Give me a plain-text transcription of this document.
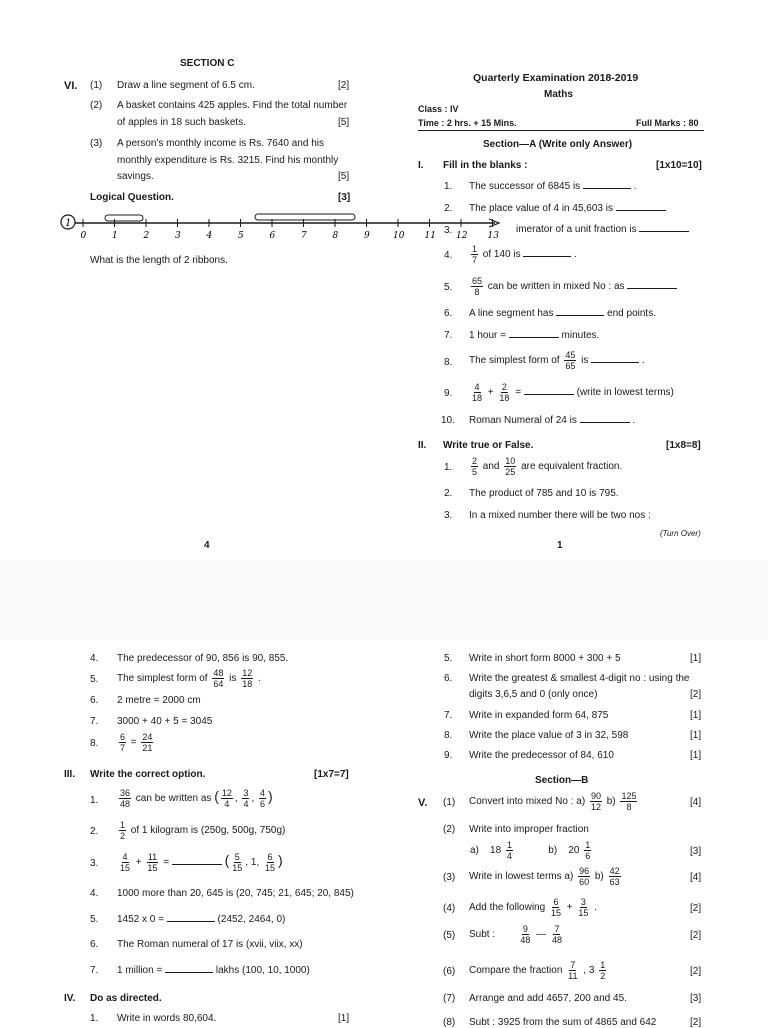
SECTION C
VI. (1) Draw a line segment of 6.5 cm.	[2]
(2) A basket contains 425 apples. Find the total number
of apples in 18 such baskets.	[5]
(3) A person's monthly income is Rs. 7640 and his
monthly expenditure is Rs. 3215. Find his monthly
savings.	[5]
Logical Question.	[3]
1
0	1	2	3	4	5	6	7	8	9	10 11 12 13
What is the length of 2 ribbons.
4
Quarterly Examination 2018-2019
Maths
Class : IV
Time : 2 hrs. + 15 Mins.	Full Marks : 80
Section—A (Write only Answer)
I. Fill in the blanks :	[1x10=10]
1. The successor of 6845 is	.
2. The place value of 4 in 45,603 is
3.	imerator of a unit fraction is
4. $\frac{1}{7}$ of 140 is	.
5. $\frac{65}{8}$ can be written in mixed No : as
6. A line segment has	end points.
7. 1 hour =	minutes.
8. The simplest form of $\frac{45}{65}$ is	.
9. $\frac{4}{18} + \frac{2}{18}$ =	(write in lowest terms)
10. Roman Numeral of 24 is	.
II. Write true or False.	[1x8=8]
1. $\frac{2}{5}$ and $\frac{10}{25}$ are equivalent fraction.
2. The product of 785 and 10 is 795.
3. In a mixed number there will be two nos :
(Turn Over)
1
4. The predecessor of 90, 856 is 90, 855.
5. The simplest form of $\frac{48}{64}$ is $\frac{12}{18}$ .
6. 2 metre = 2000 cm
7. 3000 + 40 + 5 = 3045
8. $\frac{6}{7} = \frac{24}{21}$
III. Write the correct option.	[1x7=7]
1. $\frac{36}{48}$ can be written as ( $\frac{12}{4}$ , $\frac{3}{4}$ , $\frac{4}{6}$ )
2. $\frac{1}{2}$ of 1 kilogram is (250g, 500g, 750g)
3. $\frac{4}{15} + \frac{11}{15}$ =	( $\frac{5}{15}$ , 1, $\frac{6}{15}$ )
4. 1000 more than 20, 645 is (20, 745; 21, 645; 20, 845)
5. 1452 x 0 =	(2452, 2464, 0)
6. The Roman numeral of 17 is (xvii, viix, xx)
7. 1 million =	lakhs (100, 10, 1000)
IV. Do as directed.
1. Write in words 80,604.	[1]
5. Write in short form 8000 + 300 + 5	[1]
6. Write the greatest & smallest 4-digit no : using the
digits 3,6,5 and 0 (only once)	[2]
7. Write in expanded form 64, 875	[1]
8. Write the place value of 3 in 32, 598	[1]
9. Write the predecessor of 84, 610	[1]
Section—B
V. (1) Convert into mixed No : $a) \frac{90}{12} b) \frac{125}{8}$	[4]
(2) Write into improper fraction
a) 18
$\frac{1}{4}$	b) 20
$\frac{1}{6}$	[3]
(3) Write in lowest terms $a) \frac{96}{60} b) \frac{42}{63}$	[4]
(4) Add the following $\frac{6}{15} + \frac{3}{15}$ .	[2]
(5) Subt :	$\frac{9}{48}$ — $\frac{7}{48}$	[2]
(6) Compare the fraction $\frac{7}{11}$ , 3
$\frac{1}{2}$	[2]
(7) Arrange and add 4657, 200 and 45.	[3]
(8) Subt : 3925 from the sum of 4865 and 642	[2]
